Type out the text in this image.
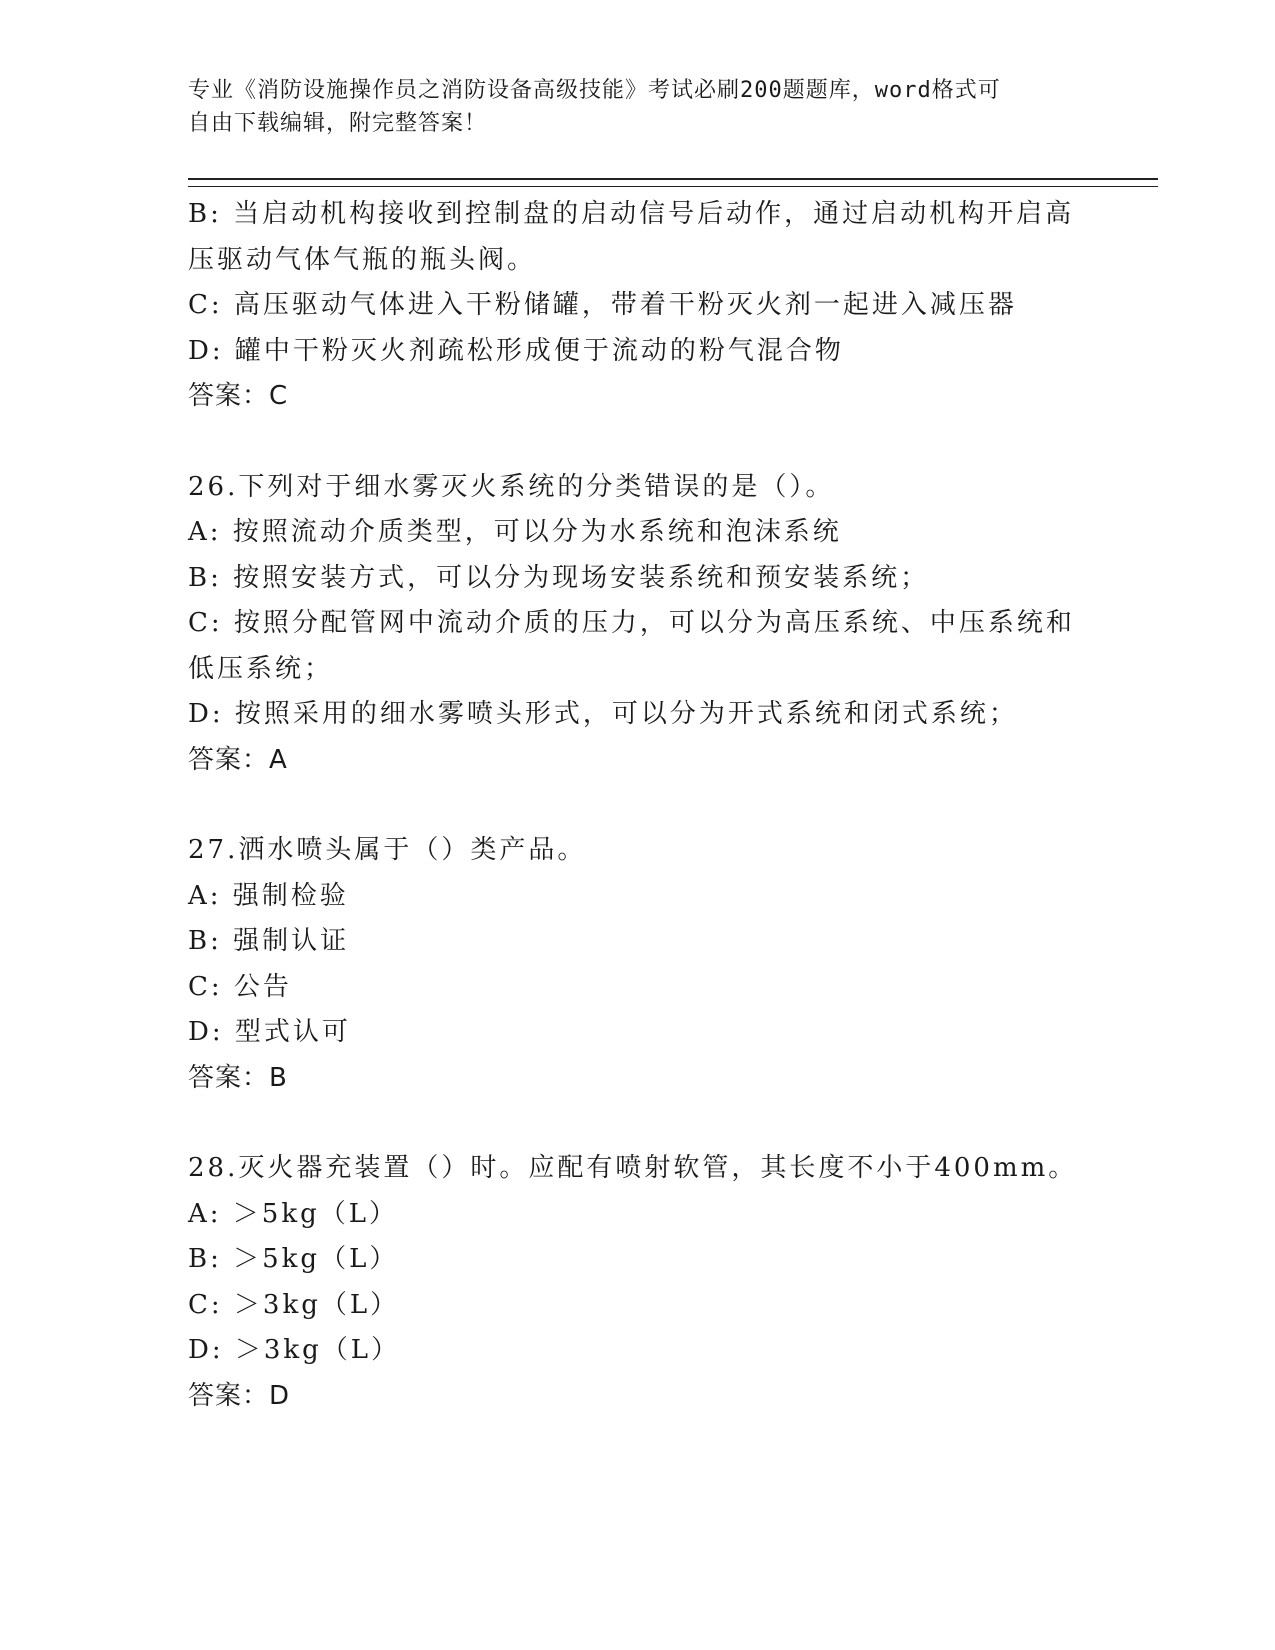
专业《消防设施操作员之消防设备高级技能》考试必刷200题题库，word格式可
自由下载编辑，附完整答案！
B: 当启动机构接收到控制盘的启动信号后动作，通过启动机构开启高压驱动气体气瓶的瓶头阀。
C: 高压驱动气体进入干粉储罐，带着干粉灭火剂一起进入减压器
D: 罐中干粉灭火剂疏松形成便于流动的粉气混合物
答案：C
26.下列对于细水雾灭火系统的分类错误的是（）。
A: 按照流动介质类型，可以分为水系统和泡沫系统
B: 按照安装方式，可以分为现场安装系统和预安装系统；
C: 按照分配管网中流动介质的压力，可以分为高压系统、中压系统和低压系统；
D: 按照采用的细水雾喷头形式，可以分为开式系统和闭式系统；
答案：A
27.洒水喷头属于（）类产品。
A: 强制检验
B: 强制认证
C: 公告
D: 型式认可
答案：B
28.灭火器充装置（）时。应配有喷射软管，其长度不小于400mm。
A: ＞5kg（L）
B: ＞5kg（L）
C: ＞3kg（L）
D: ＞3kg（L）
答案：D
